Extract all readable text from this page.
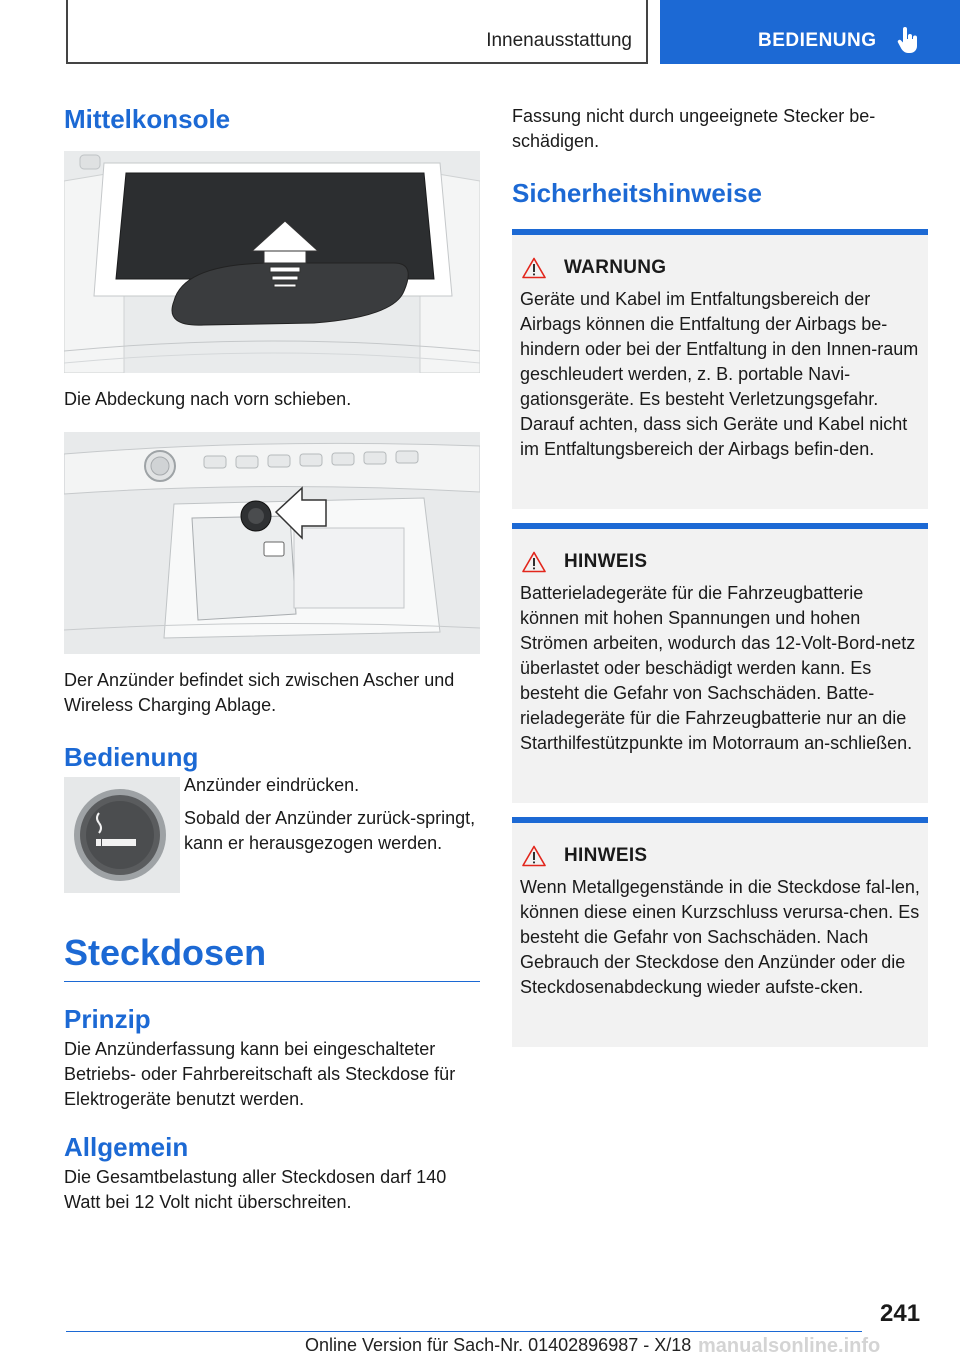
Innenausstattung	BEDIENUNG
Mittelkonsole

Die Abdeckung nach vorn schieben.

Der Anzünder befindet sich zwischen Ascher und Wireless Charging Ablage.

Bedienung

Anzünder eindrücken.

Sobald der Anzünder zurück-springt, kann er herausgezogen werden.

Steckdosen
Prinzip

Die Anzünderfassung kann bei eingeschalteter Betriebs- oder Fahrbereitschaft als Steckdose für Elektrogeräte benutzt werden.

Allgemein

Die Gesamtbelastung aller Steckdosen darf 140 Watt bei 12 Volt nicht überschreiten.

Fassung nicht durch ungeeignete Stecker be-schädigen.

Sicherheitshinweise
WARNUNG

Geräte und Kabel im Entfaltungsbereich der Airbags können die Entfaltung der Airbags be-hindern oder bei der Entfaltung in den Innen-raum geschleudert werden, z. B. portable Navi-gationsgeräte. Es besteht Verletzungsgefahr. Darauf achten, dass sich Geräte und Kabel nicht im Entfaltungsbereich der Airbags befin-den.

HINWEIS

Batterieladegeräte für die Fahrzeugbatterie können mit hohen Spannungen und hohen Strömen arbeiten, wodurch das 12-Volt-Bord-netz überlastet oder beschädigt werden kann. Es besteht die Gefahr von Sachschäden. Batte-rieladegeräte für die Fahrzeugbatterie nur an die Starthilfestützpunkte im Motorraum an-schließen.

HINWEIS

Wenn Metallgegenstände in die Steckdose fal-len, können diese einen Kurzschluss verursa-chen. Es besteht die Gefahr von Sachschäden. Nach Gebrauch der Steckdose den Anzünder oder die Steckdosenabdeckung wieder aufste-cken.

241
Online Version für Sach-Nr. 01402896987 - X/18 manualsonline.info
